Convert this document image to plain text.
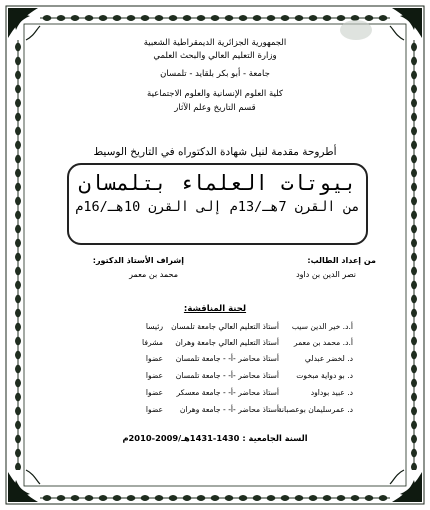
الجمهورية الجزائرية الديمقراطية الشعبية
وزارة التعليم العالي والبحث العلمي
جامعة - أبو بكر بلقايد - تلمسان
كلية العلوم الإنسانية والعلوم الاجتماعية
قسم التاريخ وعلم الآثار
أطروحة مقدمة لنيل شهادة الدكتوراه في التاريخ الوسيط
بيوتات العلماء بتلمسان
من القرن 7هـ/13م إلى القرن 10هـ/16م
من إعداد الطالب:
إشراف الأستاذ الدكتور:
نصر الدين بن داود
محمد بن معمر
لجنة المناقشة:
أ.د. خير الدين سيب
أستاذ التعليم العالي جامعة تلمسان
رئيسا
أ.د. محمد بن معمر
أستاذ التعليم العالي جامعة وهران
مشرفا
د. لخضر عبدلي
أستاذ محاضر -أ- - جامعة تلمسان
عضوا
د. بو دواية مبخوت
أستاذ محاضر -أ- - جامعة تلمسان
عضوا
د. عبيد بوداود
أستاذ محاضر -أ- - جامعة معسكر
عضوا
د. عمرسليمان بوعصبانة
أستاذ محاضر -أ- - جامعة وهران
عضوا
السنة الجامعية : 1430-1431هـ/2009-2010م
